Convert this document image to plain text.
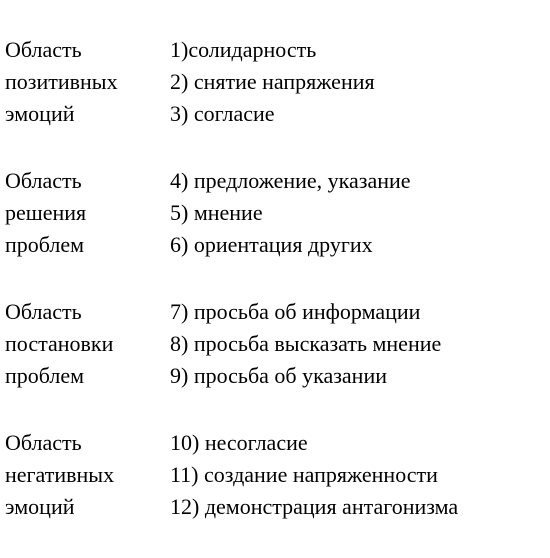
Область	1)солидарность
позитивных	2) снятие напряжения
эмоций	3) согласие
Область	4) предложение, указание
решения	5) мнение
проблем	6) ориентация других
Область	7) просьба об информации
постановки	8) просьба высказать мнение
проблем	9) просьба об указании
Область	10) несогласие
негативных	11) создание напряженности
эмоций	12) демонстрация антагонизма
